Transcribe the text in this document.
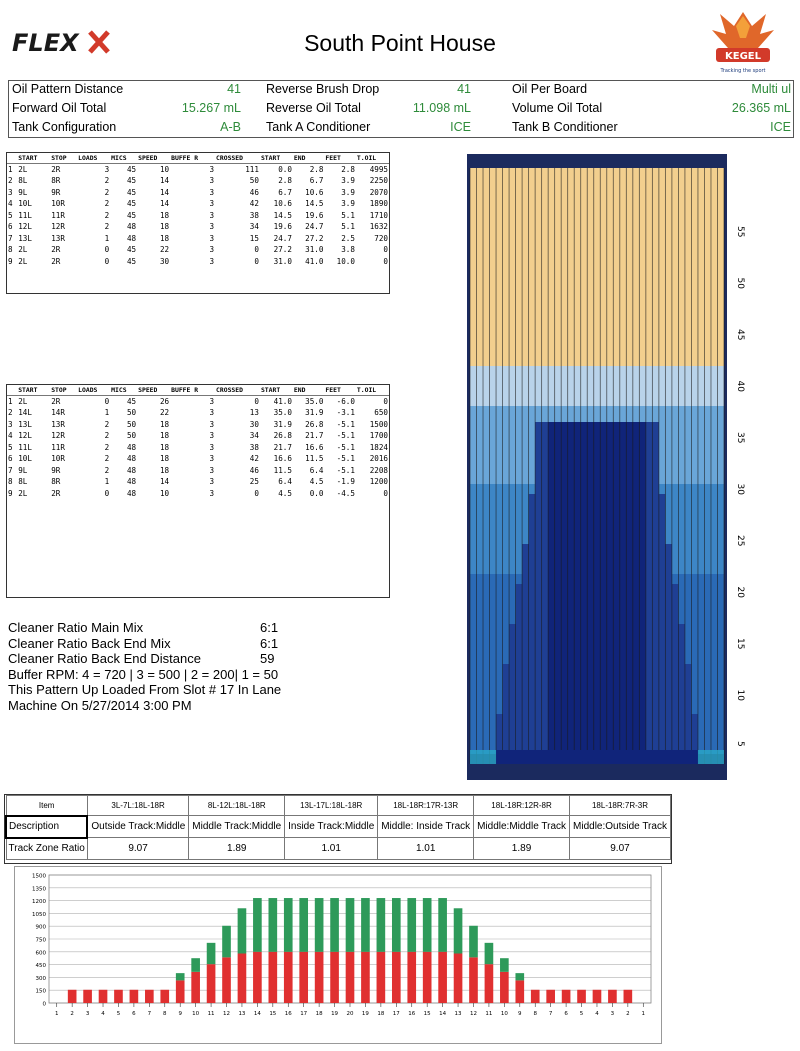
FLEX	South Point House
KEGEL
Tracking the sport
Oil Pattern Distance	41 Reverse Brush Drop	41	Oil Per Board	Multi ul
Forward Oil Total	15.267 mL Reverse Oil Total	11.098 mL	Volume Oil Total	26.365 mL
Tank Configuration	A-B Tank A Conditioner	ICE	Tank B Conditioner	ICE
	START	STOP	LOADS	MICS	SPEED	BUFFE R	CROSSED	START	END	FEET	T.OIL
1	2L	2R	3	45	10	3	111	0.0	2.8	2.8	4995
2	8L	8R	2	45	14	3	50	2.8	6.7	3.9	2250
3	9L	9R	2	45	14	3	46	6.7	10.6	3.9	2070
4	10L	10R	2	45	14	3	42	10.6	14.5	3.9	1890
5	11L	11R	2	45	18	3	38	14.5	19.6	5.1	1710
6	12L	12R	2	48	18	3	34	19.6	24.7	5.1	1632
7	13L	13R	1	48	18	3	15	24.7	27.2	2.5	720
8	2L	2R	0	45	22	3	0	27.2	31.0	3.8	0
9	2L	2R	0	45	30	3	0	31.0	41.0	10.0	0
	START	STOP	LOADS	MICS	SPEED	BUFFE R	CROSSED	START	END	FEET	T.OIL
1	2L	2R	0	45	26	3	0	41.0	35.0	-6.0	0
2	14L	14R	1	50	22	3	13	35.0	31.9	-3.1	650
3	13L	13R	2	50	18	3	30	31.9	26.8	-5.1	1500
4	12L	12R	2	50	18	3	34	26.8	21.7	-5.1	1700
5	11L	11R	2	48	18	3	38	21.7	16.6	-5.1	1824
6	10L	10R	2	48	18	3	42	16.6	11.5	-5.1	2016
7	9L	9R	2	48	18	3	46	11.5	6.4	-5.1	2208
8	8L	8R	1	48	14	3	25	6.4	4.5	-1.9	1200
9	2L	2R	0	48	10	3	0	4.5	0.0	-4.5	0
Cleaner Ratio Main Mix	6:1
Cleaner Ratio Back End Mix	6:1
Cleaner Ratio Back End Distance	59
Buffer RPM: 4 = 720 | 3 = 500 | 2 = 200| 1 = 50
This Pattern Up Loaded From Slot # 17 In Lane
Machine On 5/27/2014 3:00 PM
55
50
45
40
35
30
25
20
15
10
5
Item	3L-7L:18L-18R	8L-12L:18L-18R	13L-17L:18L-18R	18L-18R:17R-13R	18L-18R:12R-8R	18L-18R:7R-3R
Description	Outside Track:Middle	Middle Track:Middle	Inside Track:Middle	Middle: Inside Track	Middle:Middle Track	Middle:Outside Track
Track Zone Ratio	9.07	1.89	1.01	1.01	1.89	9.07
1500
1350
1200
1050
900
750
600
450
300
150
0
1 2 3 4 5 6 7 8 9 10 11 12 13 14 15 16 17 18 19 20 19 18 17 16 15 14 13 12 11 10 9 8 7 6 5 4 3 2 1
